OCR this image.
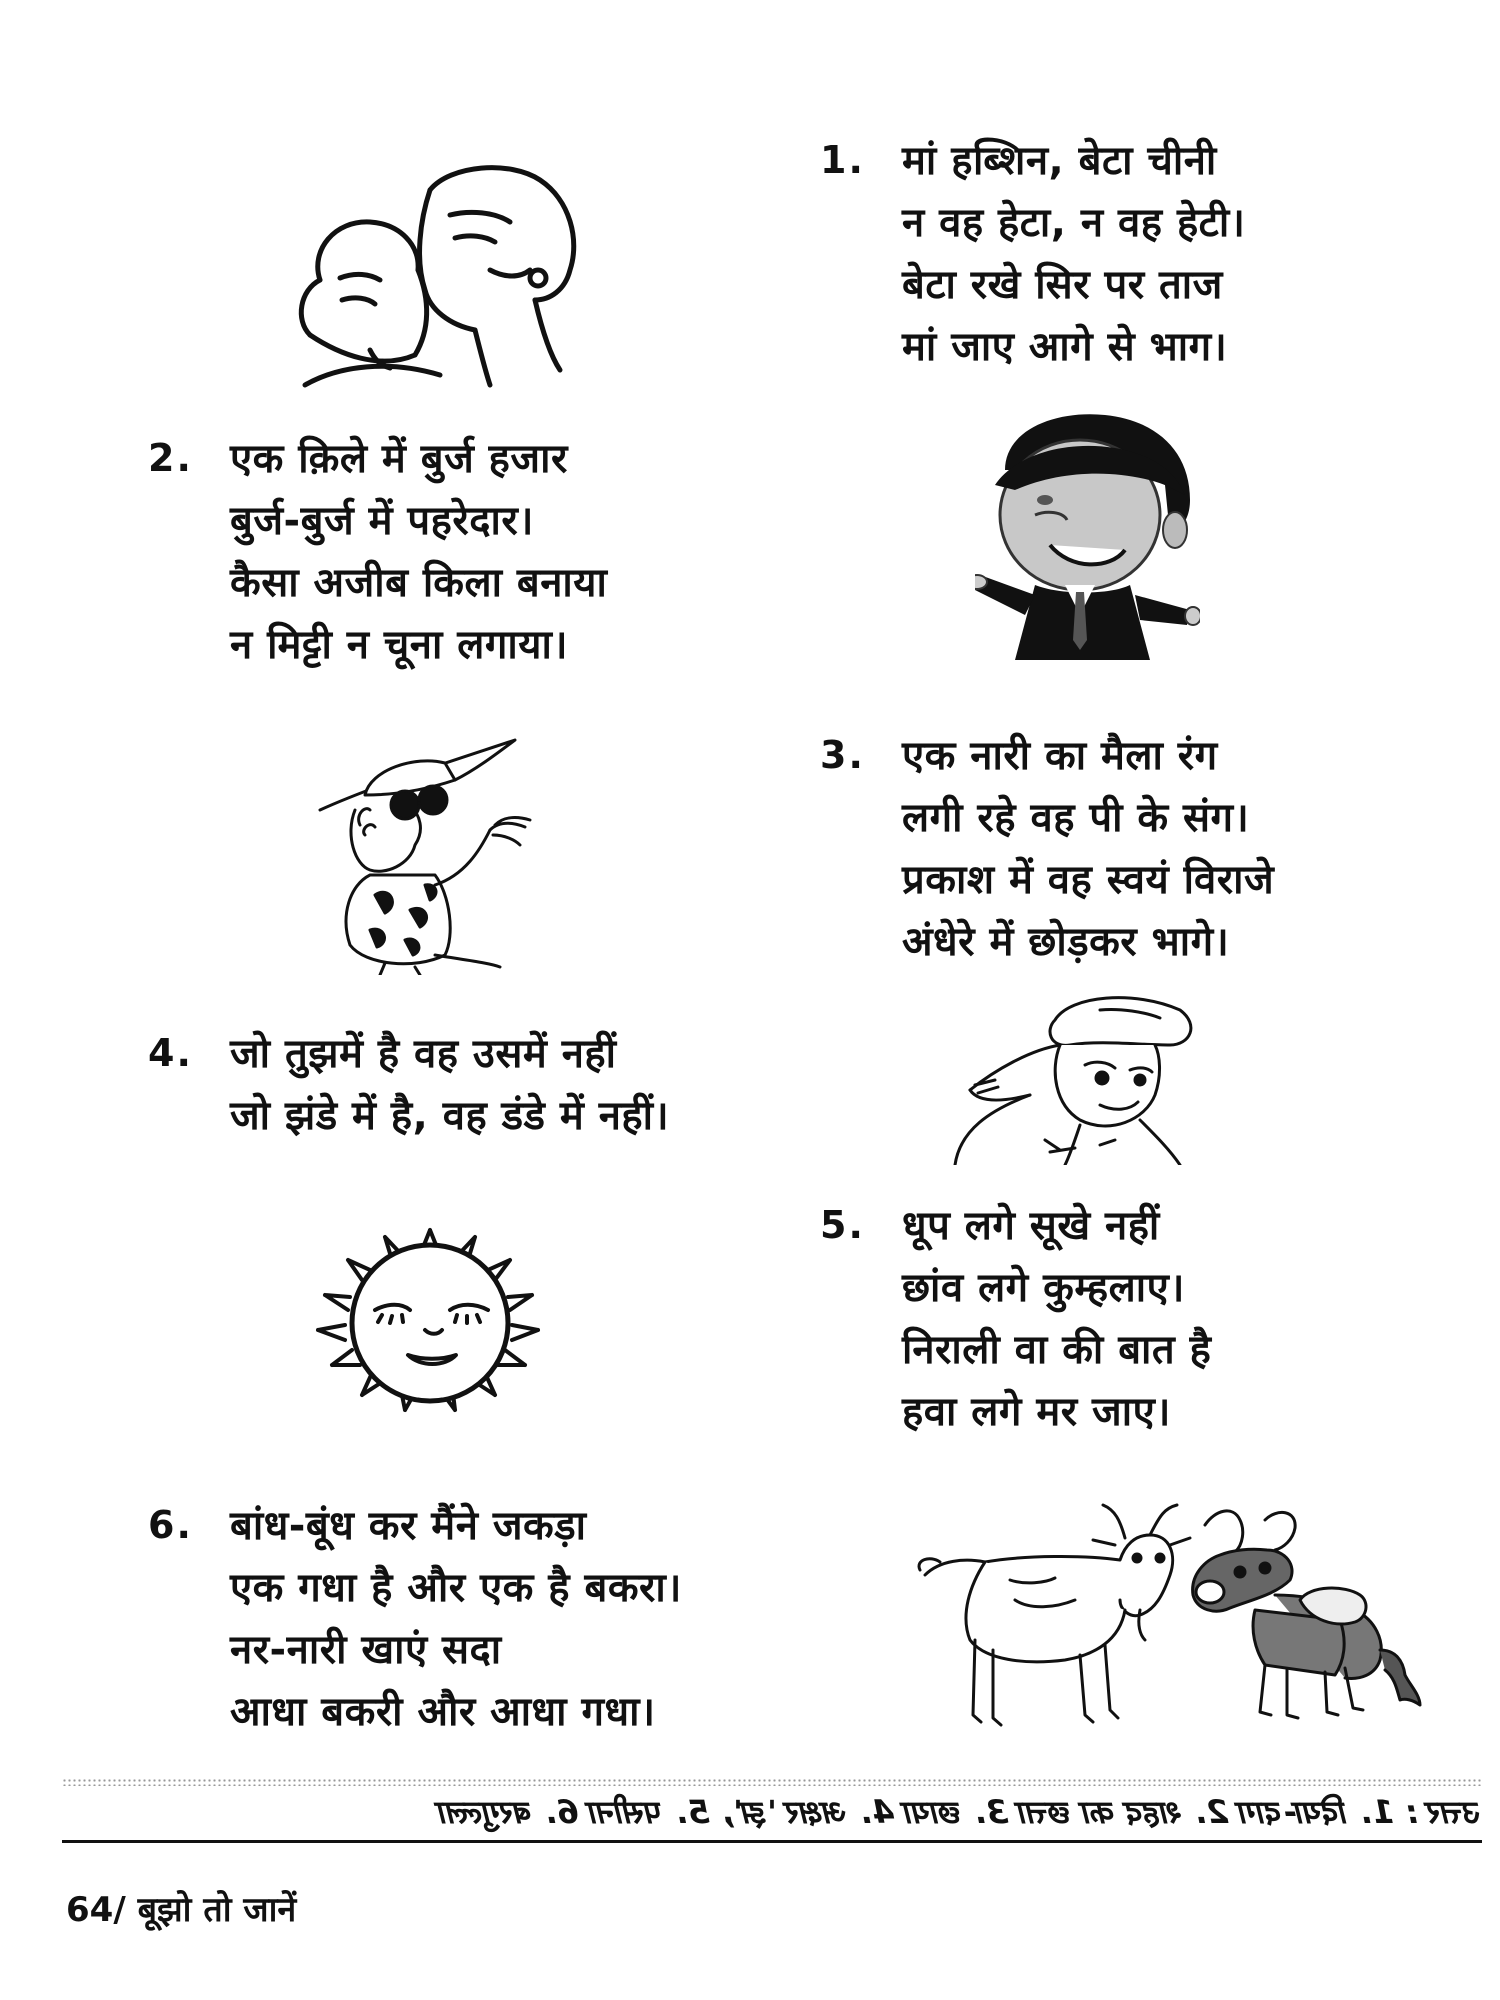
1. मां हब्शिन, बेटा चीनी
न वह हेटा, न वह हेटी।
बेटा रखे सिर पर ताज
मां जाए आगे से भाग।
2. एक क़िले में बुर्ज हजार
बुर्ज-बुर्ज में पहरेदार।
कैसा अजीब किला बनाया
न मिट्टी न चूना लगाया।
3. एक नारी का मैला रंग
लगी रहे वह पी के संग।
प्रकाश में वह स्वयं विराजे
अंधेरे में छोड़कर भागे।
4. जो तुझमें है वह उसमें नहीं
जो झंडे में है, वह डंडे में नहीं।
5. धूप लगे सूखे नहीं
छांव लगे कुम्हलाए।
निराली वा की बात है
हवा लगे मर जाए।
6. बांध-बूंध कर मैंने जकड़ा
एक गधा है और एक है बकरा।
नर-नारी खाएं सदा
आधा बकरी और आधा गधा।
उत्तर : 1. दिया-दाग 2. शहद का छत्ता 3. छाया 4. अक्षर 'झ', 5. पसीना 6. बरगुल्ला
64/ बूझो तो जानें
